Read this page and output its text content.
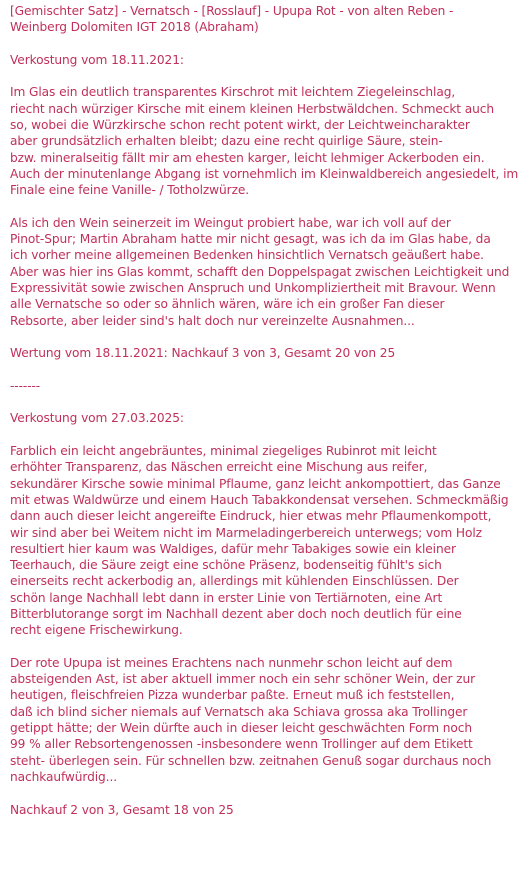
[Gemischter Satz] - Vernatsch - [Rosslauf] - Upupa Rot - von alten Reben -
Weinberg Dolomiten IGT 2018 (Abraham)
Verkostung vom 18.11.2021:
Im Glas ein deutlich transparentes Kirschrot mit leichtem Ziegeleinschlag,
riecht nach würziger Kirsche mit einem kleinen Herbstwäldchen. Schmeckt auch
so, wobei die Würzkirsche schon recht potent wirkt, der Leichtweincharakter
aber grundsätzlich erhalten bleibt; dazu eine recht quirlige Säure, stein-
bzw. mineralseitig fällt mir am ehesten karger, leicht lehmiger Ackerboden ein.
Auch der minutenlange Abgang ist vornehmlich im Kleinwaldbereich angesiedelt, im
Finale eine feine Vanille- / Totholzwürze.
Als ich den Wein seinerzeit im Weingut probiert habe, war ich voll auf der
Pinot-Spur; Martin Abraham hatte mir nicht gesagt, was ich da im Glas habe, da
ich vorher meine allgemeinen Bedenken hinsichtlich Vernatsch geäußert habe.
Aber was hier ins Glas kommt, schafft den Doppelspagat zwischen Leichtigkeit und
Expressivität sowie zwischen Anspruch und Unkompliziertheit mit Bravour. Wenn
alle Vernatsche so oder so ähnlich wären, wäre ich ein großer Fan dieser
Rebsorte, aber leider sind's halt doch nur vereinzelte Ausnahmen...
Wertung vom 18.11.2021: Nachkauf 3 von 3, Gesamt 20 von 25
-------
Verkostung vom 27.03.2025:
Farblich ein leicht angebräuntes, minimal ziegeliges Rubinrot mit leicht
erhöhter Transparenz, das Näschen erreicht eine Mischung aus reifer,
sekundärer Kirsche sowie minimal Pflaume, ganz leicht ankompottiert, das Ganze
mit etwas Waldwürze und einem Hauch Tabakkondensat versehen. Schmeckmäßig
dann auch dieser leicht angereifte Eindruck, hier etwas mehr Pflaumenkompott,
wir sind aber bei Weitem nicht im Marmeladingerbereich unterwegs; vom Holz
resultiert hier kaum was Waldiges, dafür mehr Tabakiges sowie ein kleiner
Teerhauch, die Säure zeigt eine schöne Präsenz, bodenseitig fühlt's sich
einerseits recht ackerbodig an, allerdings mit kühlenden Einschlüssen. Der
schön lange Nachhall lebt dann in erster Linie von Tertiärnoten, eine Art
Bitterblutorange sorgt im Nachhall dezent aber doch noch deutlich für eine
recht eigene Frischewirkung.
Der rote Upupa ist meines Erachtens nach nunmehr schon leicht auf dem
absteigenden Ast, ist aber aktuell immer noch ein sehr schöner Wein, der zur
heutigen, fleischfreien Pizza wunderbar paßte. Erneut muß ich feststellen,
daß ich blind sicher niemals auf Vernatsch aka Schiava grossa aka Trollinger
getippt hätte; der Wein dürfte auch in dieser leicht geschwächten Form noch
99 % aller Rebsortengenossen -insbesondere wenn Trollinger auf dem Etikett
steht- überlegen sein. Für schnellen bzw. zeitnahen Genuß sogar durchaus noch
nachkaufwürdig...
Nachkauf 2 von 3, Gesamt 18 von 25
